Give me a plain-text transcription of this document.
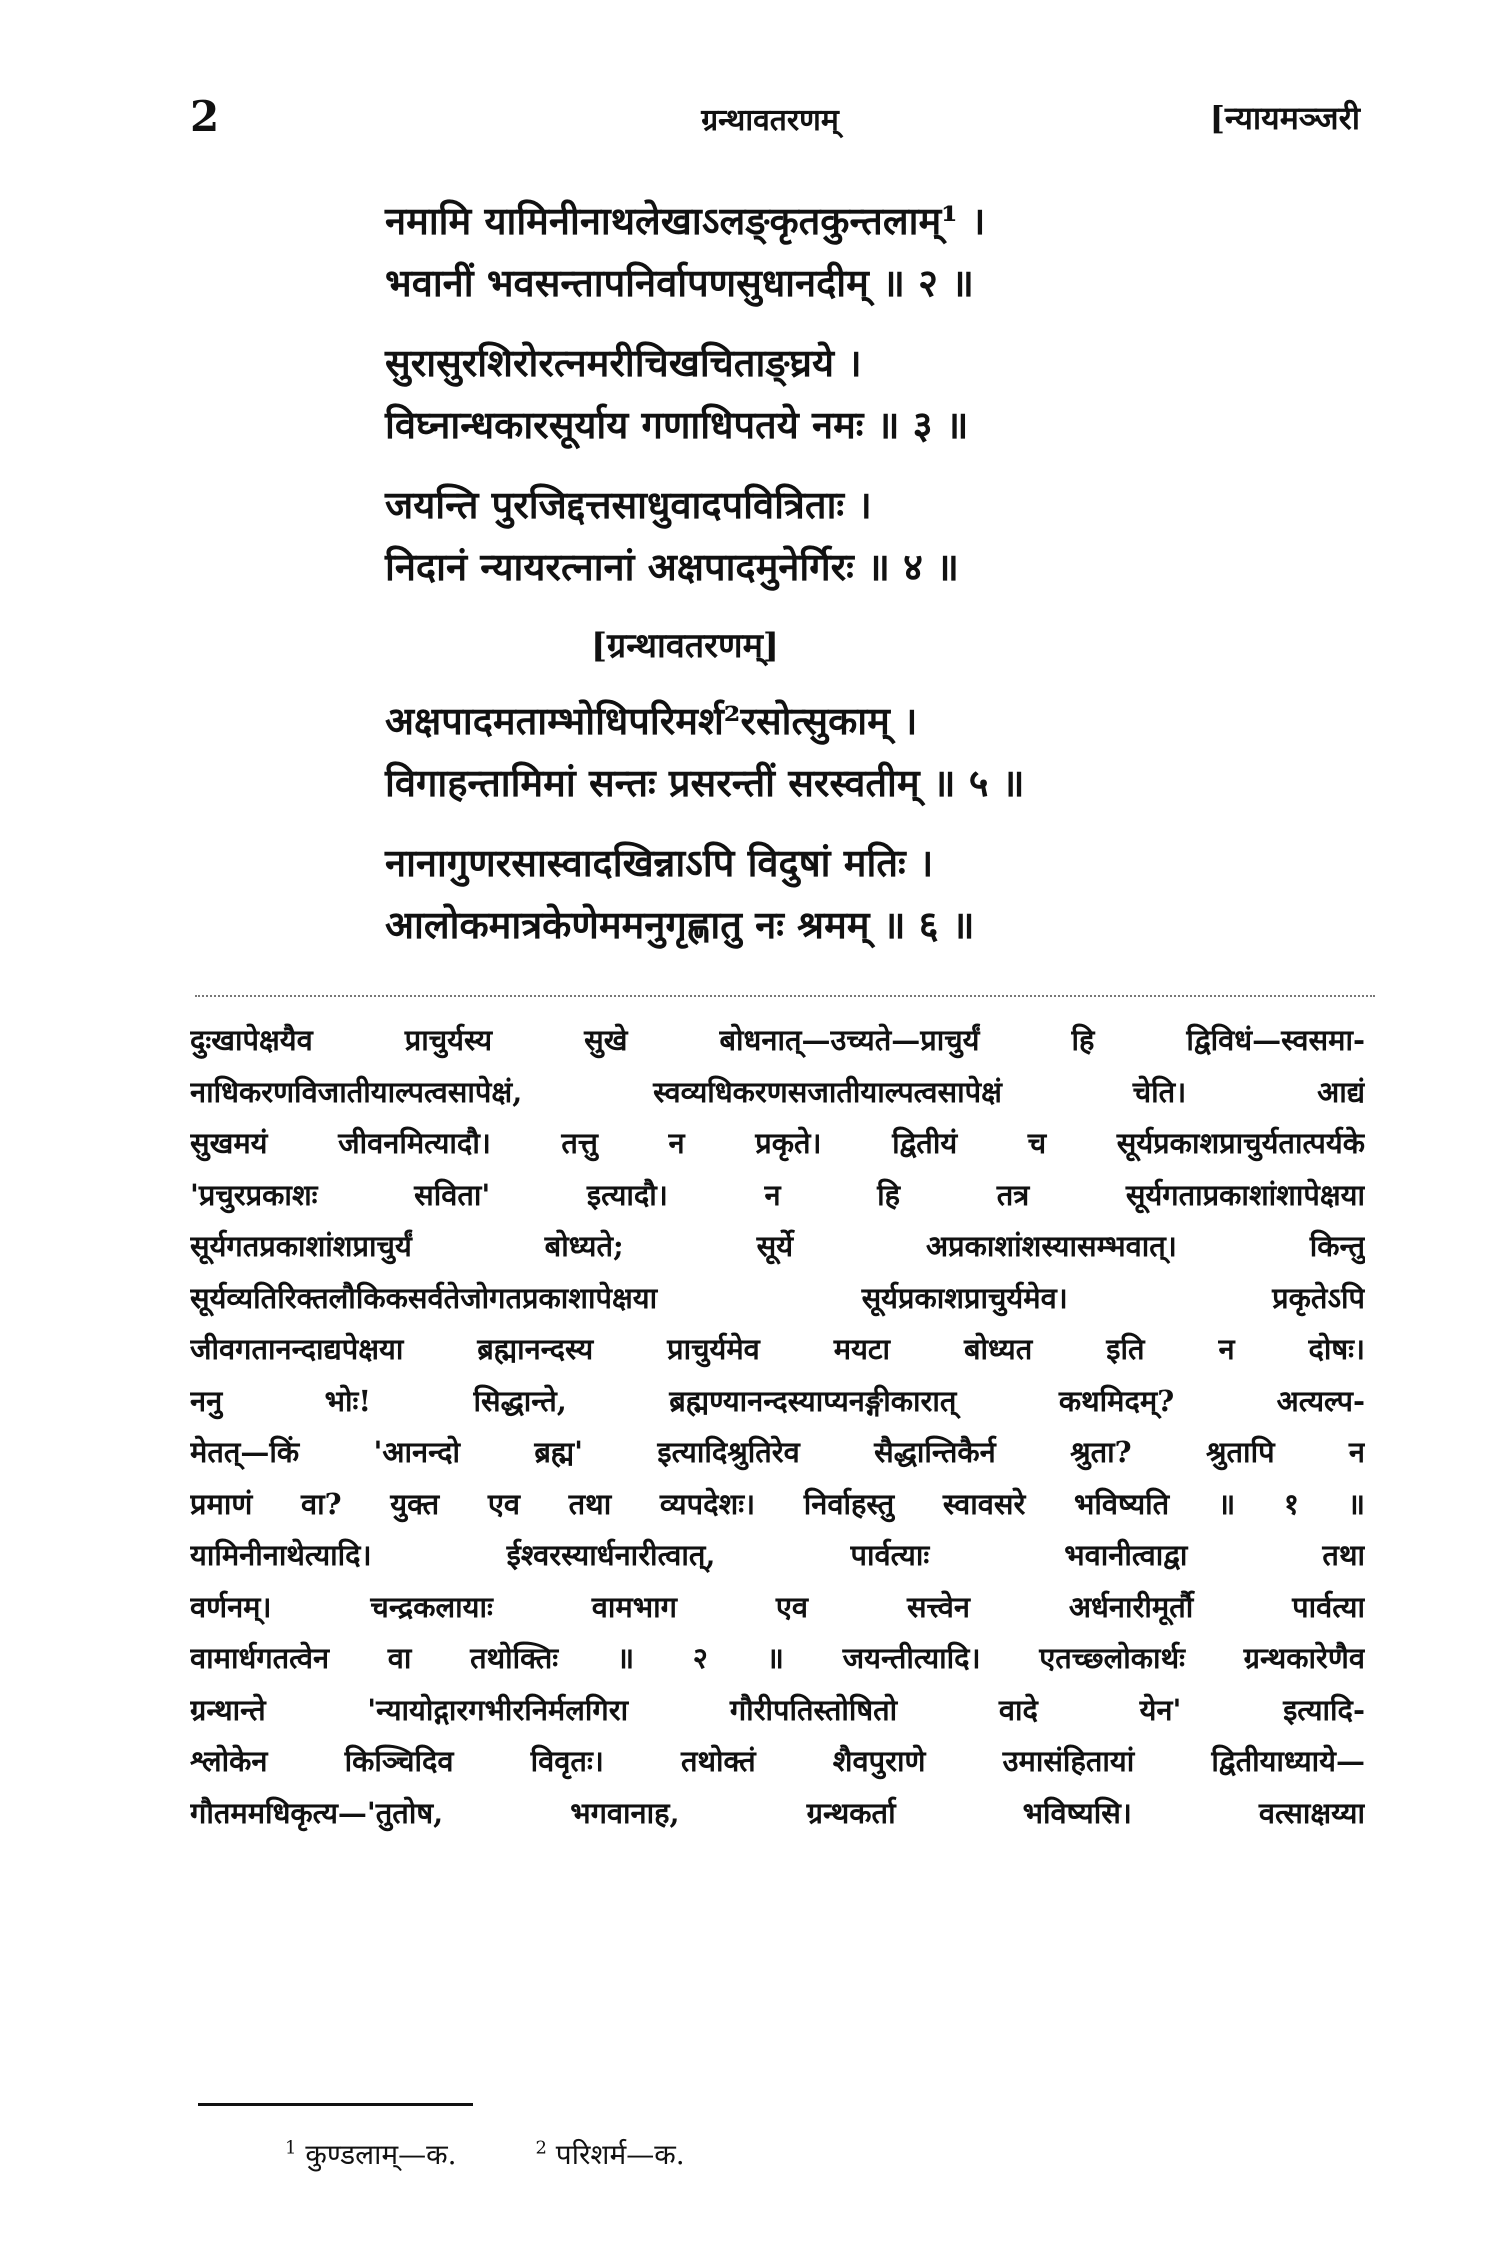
2	ग्रन्थावतरणम्	[न्यायमञ्जरी
नमामि यामिनीनाथलेखाऽलङ्कृतकुन्तलाम्¹ ।
भवानीं भवसन्तापनिर्वापणसुधानदीम् ॥ २ ॥
सुरासुरशिरोरत्नमरीचिखचिताङ्घ्रये ।
विघ्नान्धकारसूर्याय गणाधिपतये नमः ॥ ३ ॥
जयन्ति पुरजिद्दत्तसाधुवादपवित्रिताः ।
निदानं न्यायरत्नानां अक्षपादमुनेर्गिरः ॥ ४ ॥
[ग्रन्थावतरणम्]
अक्षपादमताम्भोधिपरिमर्श²रसोत्सुकाम् ।
विगाहन्तामिमां सन्तः प्रसरन्तीं सरस्वतीम् ॥ ५ ॥
नानागुणरसास्वादखिन्नाऽपि विदुषां मतिः ।
आलोकमात्रकेणेममनुगृह्णातु नः श्रमम् ॥ ६ ॥
दुःखापेक्षयैव प्राचुर्यस्य सुखे बोधनात्—उच्यते—प्राचुर्यं हि द्विविधं—स्वसमा-
नाधिकरणविजातीयाल्पत्वसापेक्षं, स्वव्यधिकरणसजातीयाल्पत्वसापेक्षं चेति। आद्यं
सुखमयं जीवनमित्यादौ। तत्तु न प्रकृते। द्वितीयं च सूर्यप्रकाशप्राचुर्यतात्पर्यके
'प्रचुरप्रकाशः सविता' इत्यादौ। न हि तत्र सूर्यगताप्रकाशांशापेक्षया
सूर्यगतप्रकाशांशप्राचुर्यं बोध्यते; सूर्ये अप्रकाशांशस्यासम्भवात्। किन्तु
सूर्यव्यतिरिक्तलौकिकसर्वतेजोगतप्रकाशापेक्षया सूर्यप्रकाशप्राचुर्यमेव। प्रकृतेऽपि
जीवगतानन्दाद्यपेक्षया ब्रह्मानन्दस्य प्राचुर्यमेव मयटा बोध्यत इति न दोषः।
ननु भोः! सिद्धान्ते, ब्रह्मण्यानन्दस्याप्यनङ्गीकारात् कथमिदम्? अत्यल्प-
मेतत्—किं 'आनन्दो ब्रह्म' इत्यादिश्रुतिरेव सैद्धान्तिकैर्न श्रुता? श्रुतापि न
प्रमाणं वा? युक्त एव तथा व्यपदेशः। निर्वाहस्तु स्वावसरे भविष्यति ॥ १ ॥
यामिनीनाथेत्यादि। ईश्वरस्यार्धनारीत्वात्, पार्वत्याः भवानीत्वाद्वा तथा
वर्णनम्। चन्द्रकलायाः वामभाग एव सत्त्वेन अर्धनारीमूर्तौ पार्वत्या
वामार्धगतत्वेन वा तथोक्तिः ॥ २ ॥ जयन्तीत्यादि। एतच्छ्लोकार्थः ग्रन्थकारेणैव
ग्रन्थान्ते 'न्यायोद्गारगभीरनिर्मलगिरा गौरीपतिस्तोषितो वादे येन' इत्यादि-
श्लोकेन किञ्चिदिव विवृतः। तथोक्तं शैवपुराणे उमासंहितायां द्वितीयाध्याये—
गौतममधिकृत्य—'तुतोष, भगवानाह, ग्रन्थकर्ता भविष्यसि। वत्साक्षय्या
$^1$ कुण्डलाम्—क.	$^2$ परिशर्म—क.
